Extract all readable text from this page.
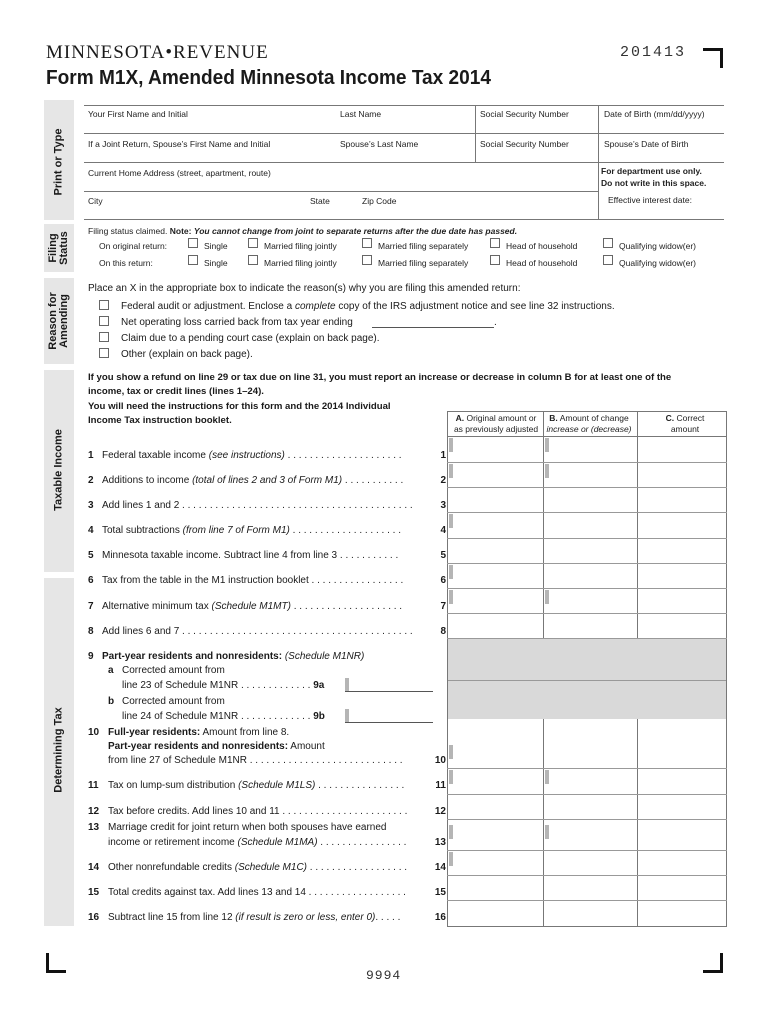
MINNESOTA•REVENUE	201413
Form M1X, Amended Minnesota Income Tax 2014
Print or Type
Filing Status
Reason for Amending
Taxable Income
Determining Tax
Your First Name and Initial	Last Name	Social Security Number	Date of Birth (mm/dd/yyyy)
If a Joint Return, Spouse’s First Name and Initial	Spouse’s Last Name	Social Security Number	Spouse’s Date of Birth
Current Home Address (street, apartment, route)	For department use only.
Do not write in this space.
City	State	Zip Code	Effective interest date:
Filing status claimed. Note: You cannot change from joint to separate returns after the due date has passed.
On original return:
On this return:
Single	Married filing jointly	Married filing separately	Head of household	Qualifying widow(er)
Single	Married filing jointly	Married filing separately	Head of household	Qualifying widow(er)
Place an X in the appropriate box to indicate the reason(s) why you are filing this amended return:
Federal audit or adjustment. Enclose a complete copy of the IRS adjustment notice and see line 32 instructions.
Net operating loss carried back from tax year ending	.
Claim due to a pending court case (explain on back page).
Other (explain on back page).
If you show a refund on line 29 or tax due on line 31, you must report an increase or decrease in column B for at least one of the
income, tax or credit lines (lines 1–24).
You will need the instructions for this form and the 2014 Individual
Income Tax instruction booklet.	A. Original amount or
as previously adjusted
B. Amount of change
increase or (decrease)
C. Correct
amount
1 Federal taxable income (see instructions) . . . . . . . . . . . . . . . . . . . . .	1
2 Additions to income (total of lines 2 and 3 of Form M1) . . . . . . . . . . .	2
3 Add lines 1 and 2 . . . . . . . . . . . . . . . . . . . . . . . . . . . . . . . . . . . . . . . . . .	3
4 Total subtractions (from line 7 of Form M1) . . . . . . . . . . . . . . . . . . . .	4
5 Minnesota taxable income. Subtract line 4 from line 3 . . . . . . . . . . .	5
6 Tax from the table in the M1 instruction booklet . . . . . . . . . . . . . . . . .	6
7 Alternative minimum tax (Schedule M1MT) . . . . . . . . . . . . . . . . . . . .	7
8 Add lines 6 and 7 . . . . . . . . . . . . . . . . . . . . . . . . . . . . . . . . . . . . . . . . . .	8
9 Part-year residents and nonresidents: (Schedule M1NR)
a Corrected amount from
line 23 of Schedule M1NR . . . . . . . . . . . . . 9a
b Corrected amount from
line 24 of Schedule M1NR . . . . . . . . . . . . . 9b
10 Full-year residents: Amount from line 8.
Part-year residents and nonresidents: Amount
from line 27 of Schedule M1NR . . . . . . . . . . . . . . . . . . . . . . . . . . . .	10
11 Tax on lump-sum distribution (Schedule M1LS) . . . . . . . . . . . . . . . .	11
12 Tax before credits. Add lines 10 and 11 . . . . . . . . . . . . . . . . . . . . . . .	12
13 Marriage credit for joint return when both spouses have earned
income or retirement income (Schedule M1MA) . . . . . . . . . . . . . . . .	13
14 Other nonrefundable credits (Schedule M1C) . . . . . . . . . . . . . . . . . .	14
15 Total credits against tax. Add lines 13 and 14 . . . . . . . . . . . . . . . . . .	15
16 Subtract line 15 from line 12 (if result is zero or less, enter 0). . . . .	16
9994
